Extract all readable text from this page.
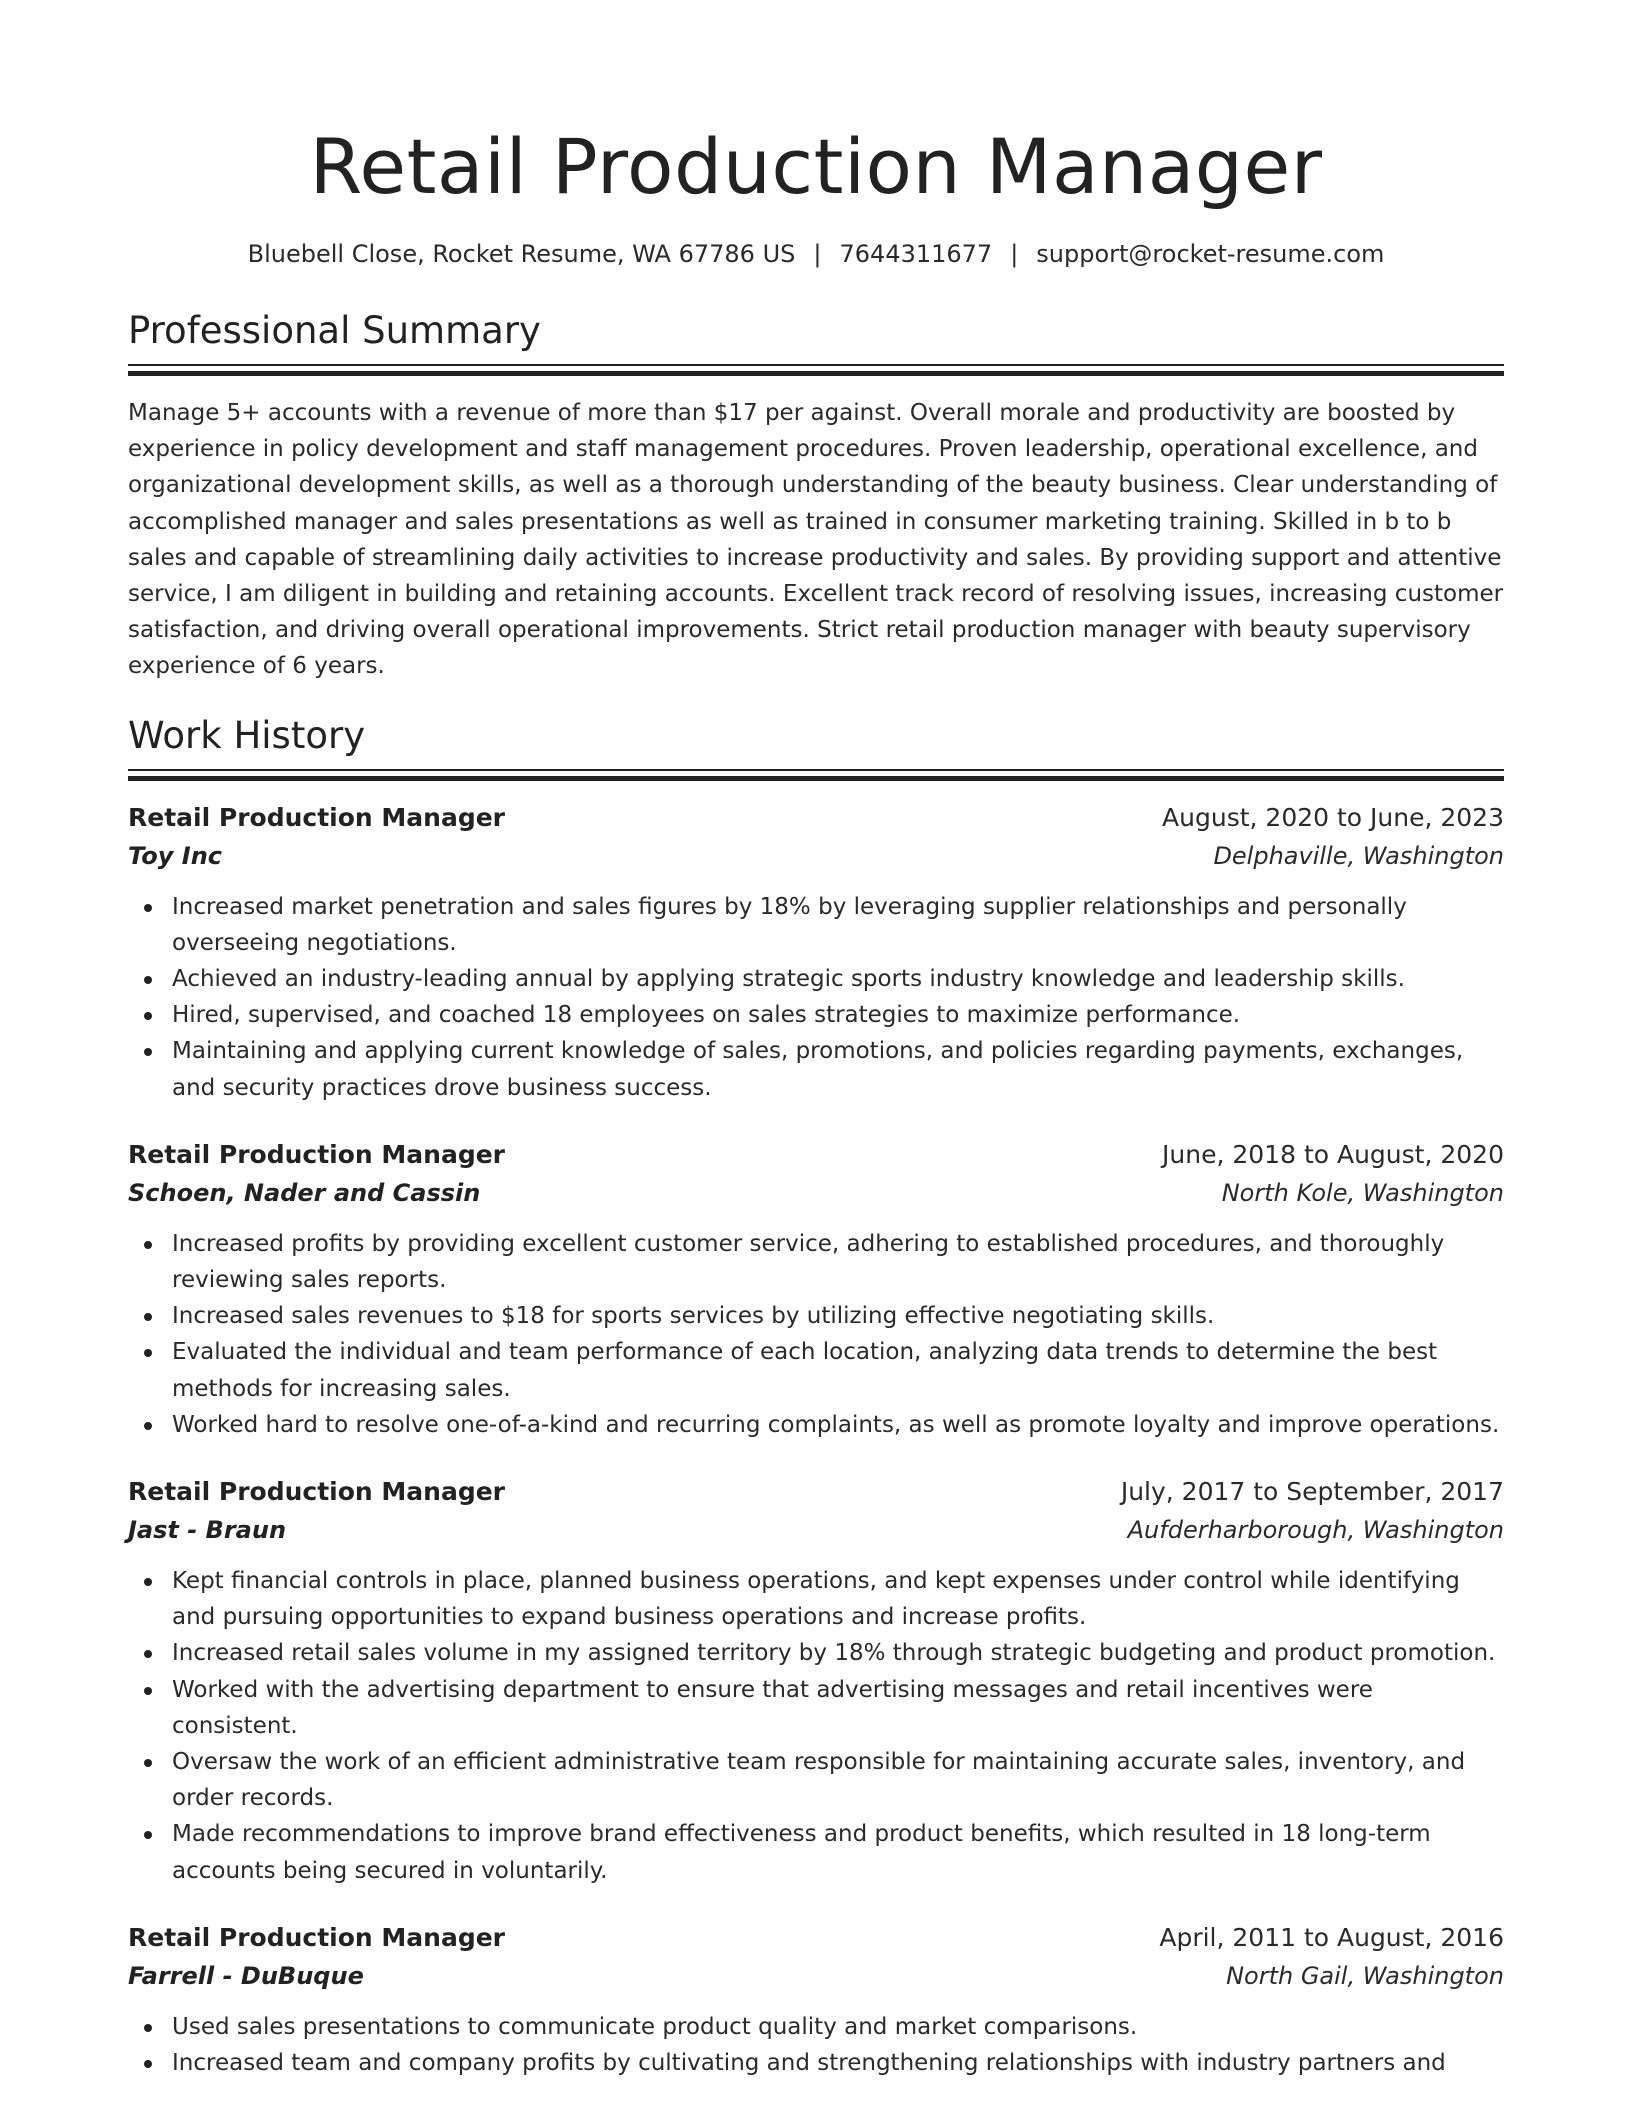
Retail Production Manager
Bluebell Close, Rocket Resume, WA 67786 US | 7644311677 | support@rocket-resume.com
Professional Summary

Manage 5+ accounts with a revenue of more than $17 per against. Overall morale and productivity are boosted by experience in policy development and staff management procedures. Proven leadership, operational excellence, and organizational development skills, as well as a thorough understanding of the beauty business. Clear understanding of accomplished manager and sales presentations as well as trained in consumer marketing training. Skilled in b to b sales and capable of streamlining daily activities to increase productivity and sales. By providing support and attentive service, I am diligent in building and retaining accounts. Excellent track record of resolving issues, increasing customer satisfaction, and driving overall operational improvements. Strict retail production manager with beauty supervisory experience of 6 years.

Work History
Retail Production Manager	August, 2020 to June, 2023
Toy Inc	Delphaville, Washington
Increased market penetration and sales figures by 18% by leveraging supplier relationships and personally overseeing negotiations.
Achieved an industry-leading annual by applying strategic sports industry knowledge and leadership skills.
Hired, supervised, and coached 18 employees on sales strategies to maximize performance.
Maintaining and applying current knowledge of sales, promotions, and policies regarding payments, exchanges, and security practices drove business success.
Retail Production Manager	June, 2018 to August, 2020
Schoen, Nader and Cassin	North Kole, Washington
Increased profits by providing excellent customer service, adhering to established procedures, and thoroughly reviewing sales reports.
Increased sales revenues to $18 for sports services by utilizing effective negotiating skills.
Evaluated the individual and team performance of each location, analyzing data trends to determine the best methods for increasing sales.
Worked hard to resolve one-of-a-kind and recurring complaints, as well as promote loyalty and improve operations.
Retail Production Manager	July, 2017 to September, 2017
Jast - Braun	Aufderharborough, Washington
Kept financial controls in place, planned business operations, and kept expenses under control while identifying and pursuing opportunities to expand business operations and increase profits.
Increased retail sales volume in my assigned territory by 18% through strategic budgeting and product promotion.
Worked with the advertising department to ensure that advertising messages and retail incentives were consistent.
Oversaw the work of an efficient administrative team responsible for maintaining accurate sales, inventory, and order records.
Made recommendations to improve brand effectiveness and product benefits, which resulted in 18 long-term accounts being secured in voluntarily.
Retail Production Manager	April, 2011 to August, 2016
Farrell - DuBuque	North Gail, Washington
Used sales presentations to communicate product quality and market comparisons.
Increased team and company profits by cultivating and strengthening relationships with industry partners and
